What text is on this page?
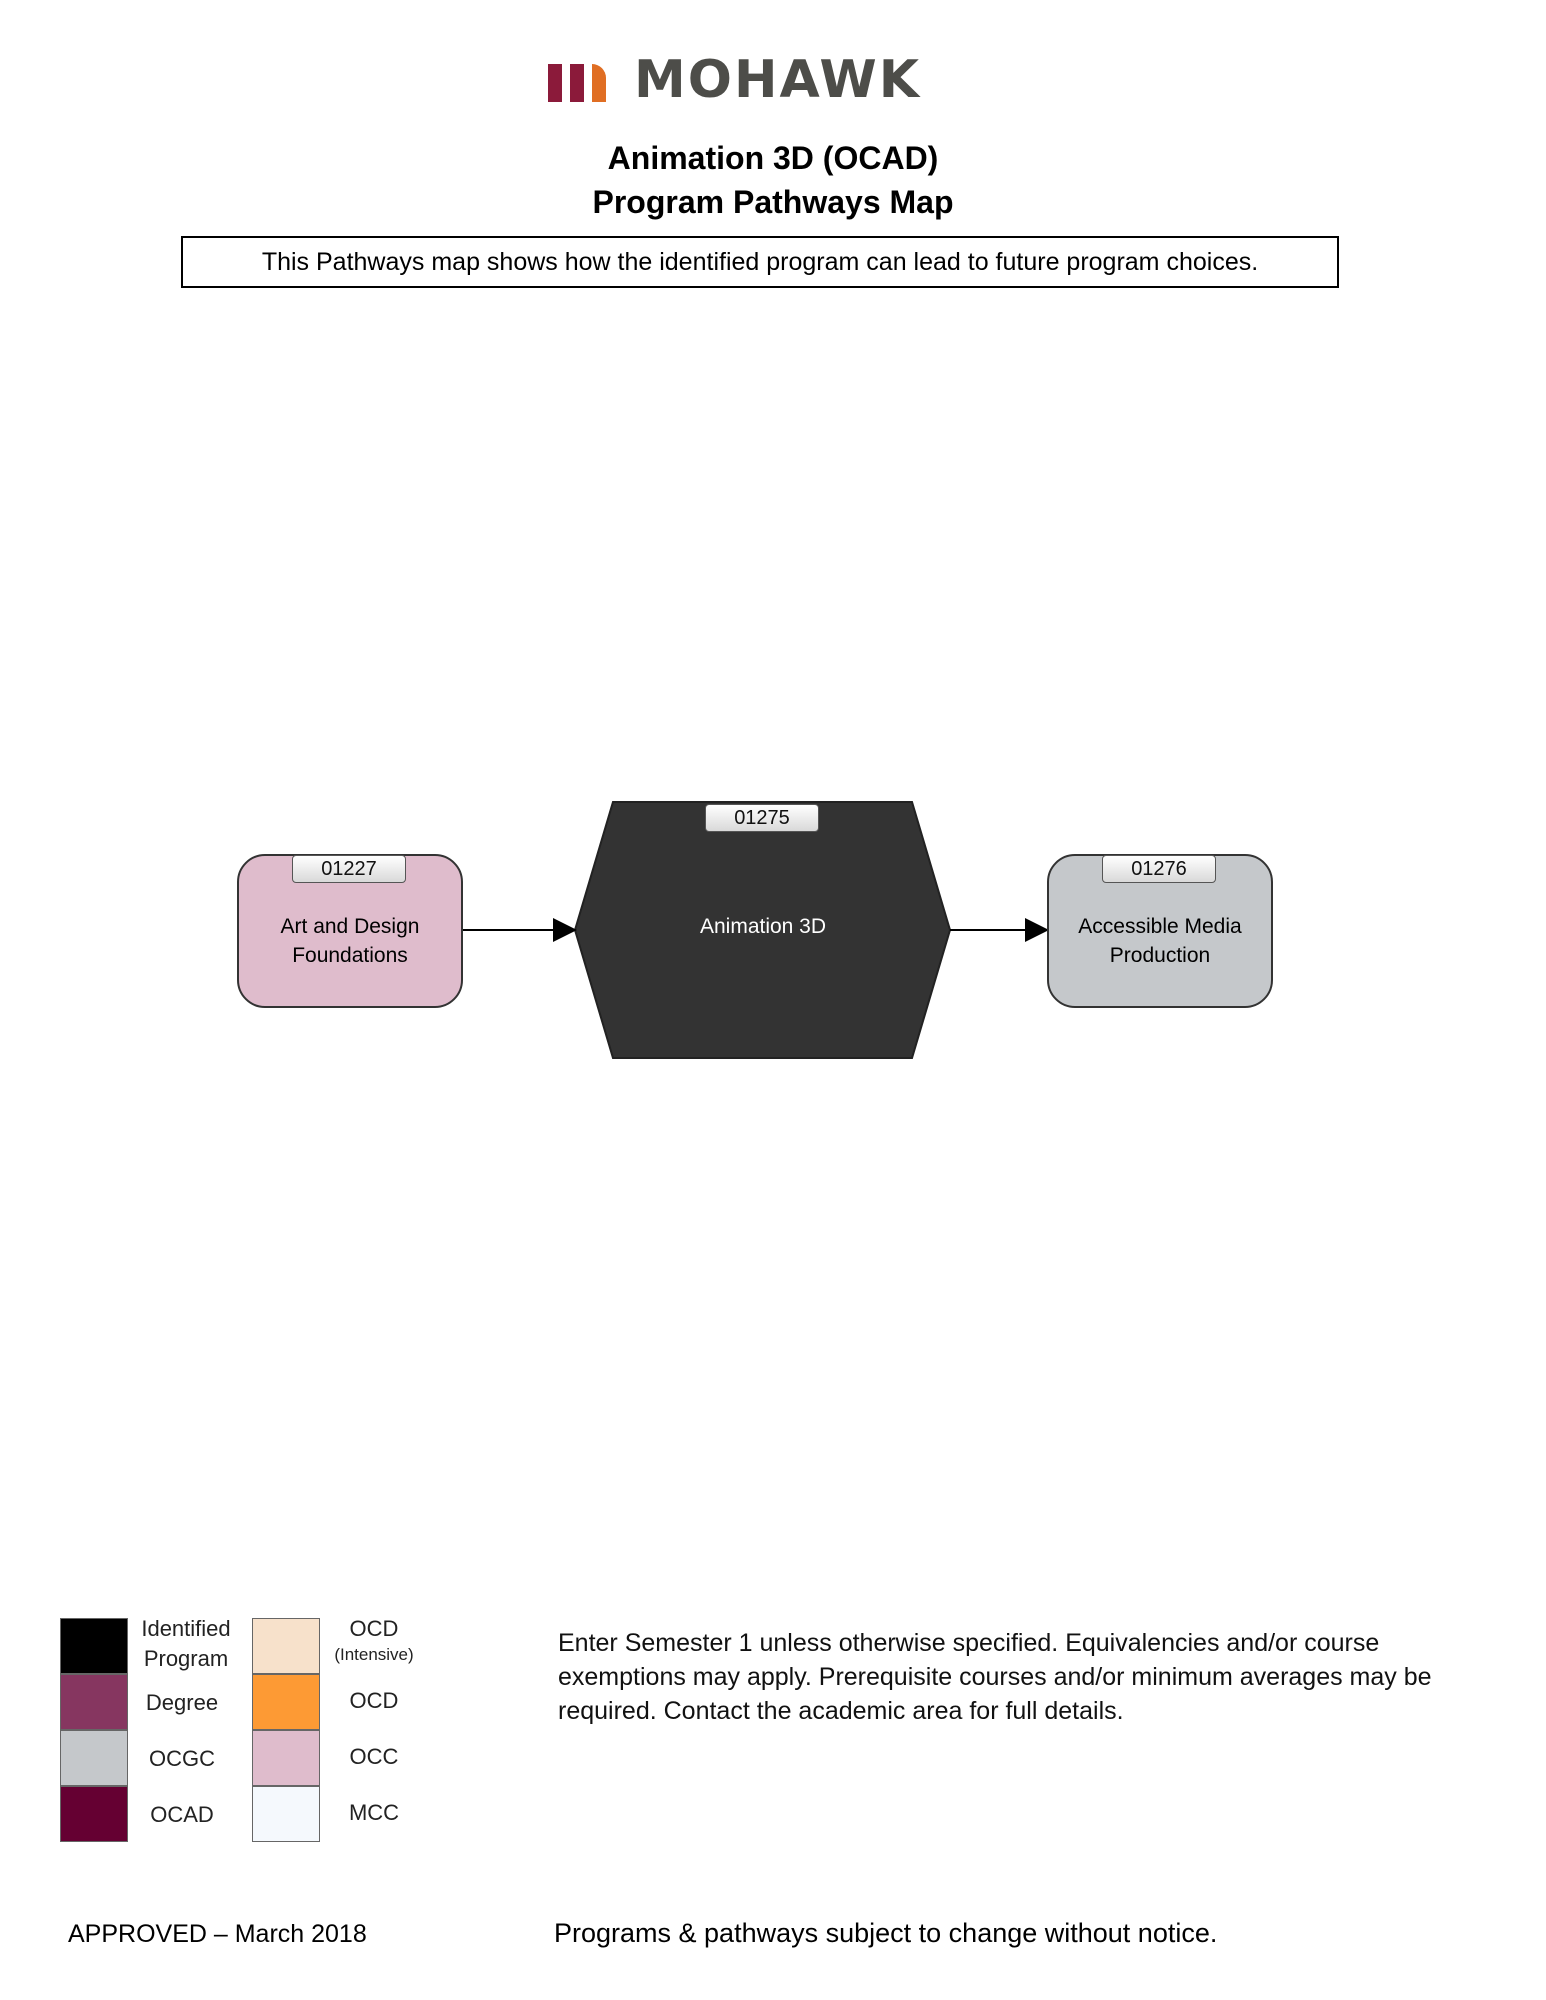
MOHAWK
Animation 3D (OCAD)
Program Pathways Map
This Pathways map shows how the identified program can lead to future program choices.
Art and Design
Foundations
01227
Animation 3D
01275
Accessible Media
Production
01276
Identified
Program
Degree
OCGC
OCAD
OCD
(Intensive)
OCD
OCC
MCC
Enter Semester 1 unless otherwise specified. Equivalencies and/or course exemptions may apply. Prerequisite courses and/or minimum averages may be required. Contact the academic area for full details.
APPROVED – March 2018	Programs & pathways subject to change without notice.
